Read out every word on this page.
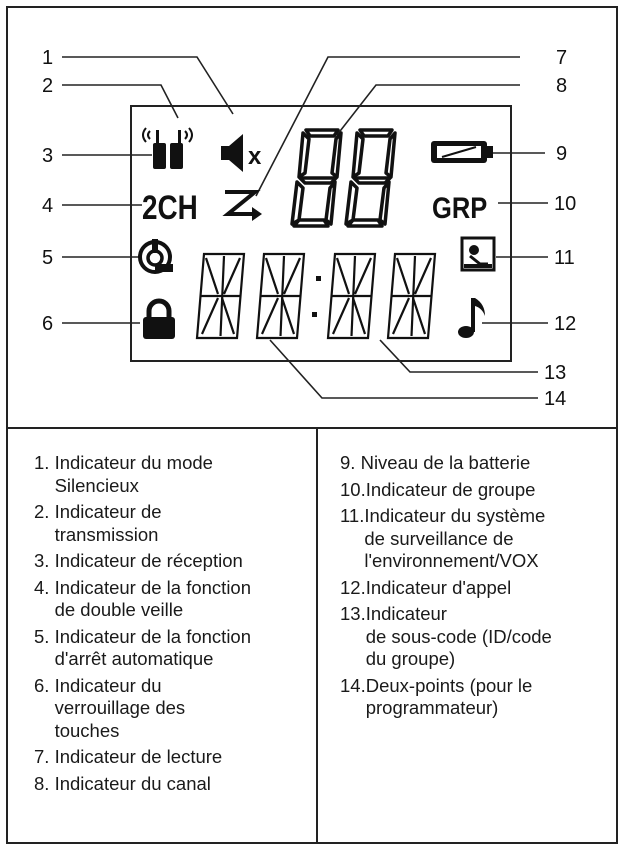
1
2
3
4
5
6
7
8
9
10
11
12
13
14
x
2CH	GRP
1. Indicateur du mode
Silencieux
2. Indicateur de
transmission
3. Indicateur de réception
4. Indicateur de la fonction
de double veille
5. Indicateur de la fonction
d'arrêt automatique
6. Indicateur du
verrouillage des
touches
7. Indicateur de lecture
8. Indicateur du canal
9. Niveau de la batterie
10. Indicateur de groupe
11. Indicateur du système
de surveillance de
l'environnement/VOX
12. Indicateur d'appel
13. Indicateur
de sous-code (ID/code
du groupe)
14. Deux-points (pour le
programmateur)
